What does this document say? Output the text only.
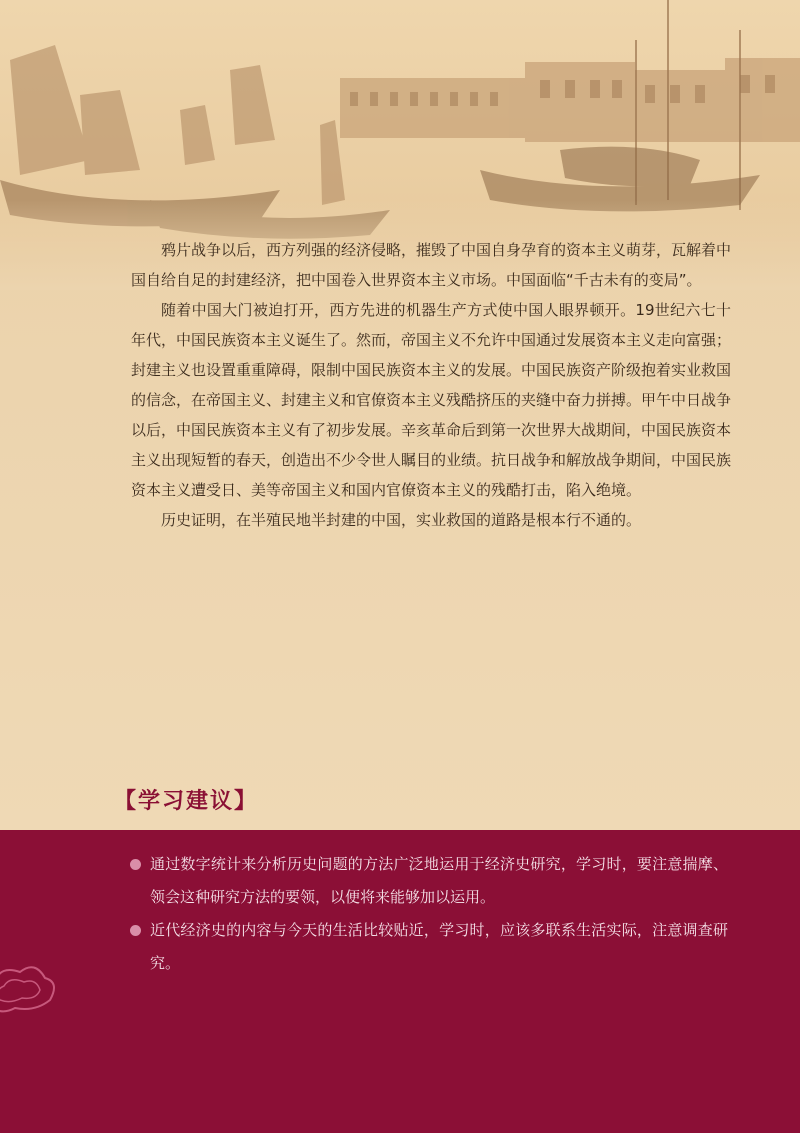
鸦片战争以后，西方列强的经济侵略，摧毁了中国自身孕育的资本主义萌芽，瓦解着中国自给自足的封建经济，把中国卷入世界资本主义市场。中国面临“千古未有的变局”。

随着中国大门被迫打开，西方先进的机器生产方式使中国人眼界顿开。19世纪六七十年代，中国民族资本主义诞生了。然而，帝国主义不允许中国通过发展资本主义走向富强；封建主义也设置重重障碍，限制中国民族资本主义的发展。中国民族资产阶级抱着实业救国的信念，在帝国主义、封建主义和官僚资本主义残酷挤压的夹缝中奋力拼搏。甲午中日战争以后，中国民族资本主义有了初步发展。辛亥革命后到第一次世界大战期间，中国民族资本主义出现短暂的春天，创造出不少令世人瞩目的业绩。抗日战争和解放战争期间，中国民族资本主义遭受日、美等帝国主义和国内官僚资本主义的残酷打击，陷入绝境。

历史证明，在半殖民地半封建的中国，实业救国的道路是根本行不通的。

【学习建议】
通过数字统计来分析历史问题的方法广泛地运用于经济史研究，学习时，要注意揣摩、领会这种研究方法的要领，以便将来能够加以运用。
近代经济史的内容与今天的生活比较贴近，学习时，应该多联系生活实际，注意调查研究。
